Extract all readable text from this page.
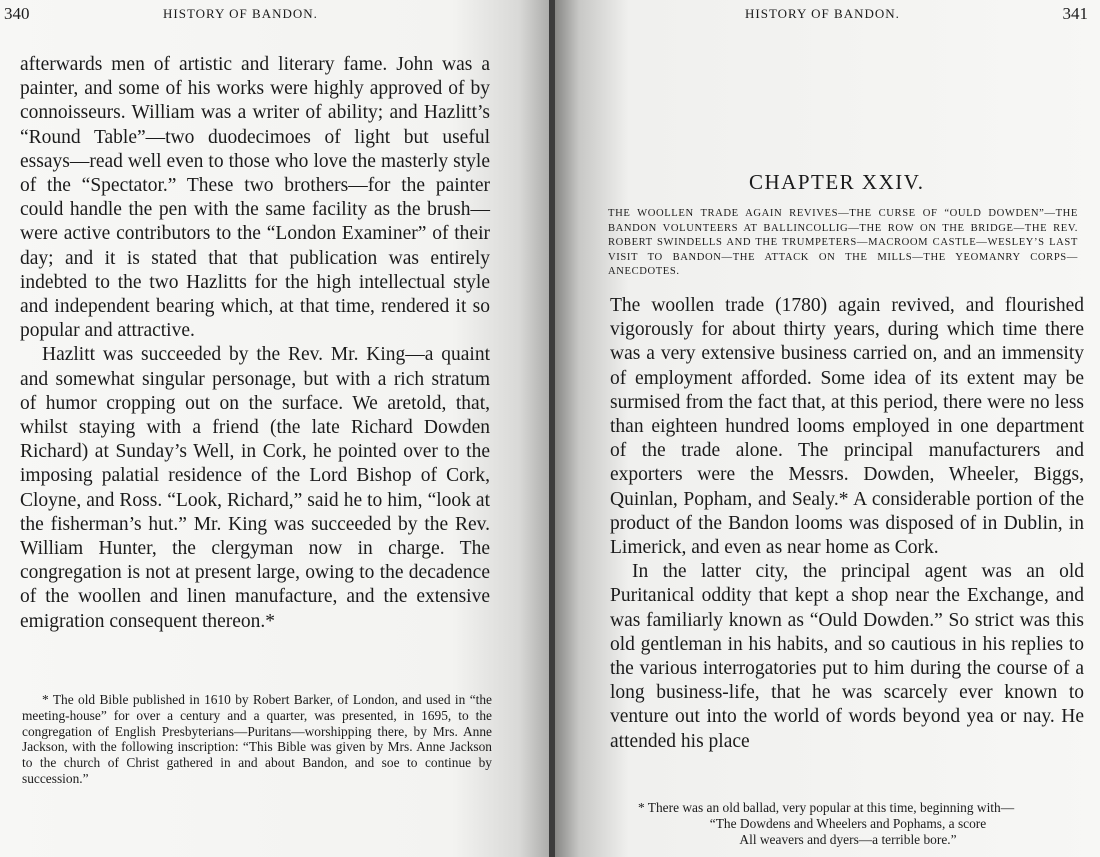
340	HISTORY OF BANDON.

afterwards men of artistic and literary fame. John was a painter, and some of his works were highly approved of by connoisseurs. William was a writer of ability; and Hazlitt’s “Round Table”—two duodecimoes of light but useful essays—read well even to those who love the masterly style of the “Spectator.” These two brothers—for the painter could handle the pen with the same facility as the brush—were active contributors to the “London Examiner” of their day; and it is stated that that publication was entirely indebted to the two Hazlitts for the high intellectual style and independent bearing which, at that time, rendered it so popular and attractive.

Hazlitt was succeeded by the Rev. Mr. King—a quaint and somewhat singular personage, but with a rich stratum of humor cropping out on the surface. We aretold, that, whilst staying with a friend (the late Richard Dowden Richard) at Sunday’s Well, in Cork, he pointed over to the imposing palatial residence of the Lord Bishop of Cork, Cloyne, and Ross. “Look, Richard,” said he to him, “look at the fisherman’s hut.” Mr. King was succeeded by the Rev. William Hunter, the clergyman now in charge. The congregation is not at present large, owing to the decadence of the woollen and linen manufacture, and the extensive emigration consequent thereon.*

* The old Bible published in 1610 by Robert Barker, of London, and used in “the meeting-house” for over a century and a quarter, was presented, in 1695, to the congregation of English Presbyterians—Puritans—worshipping there, by Mrs. Anne Jackson, with the following inscription: “This Bible was given by Mrs. Anne Jackson to the church of Christ gathered in and about Bandon, and soe to continue by succession.”

HISTORY OF BANDON.	341
CHAPTER XXIV.
THE WOOLLEN TRADE AGAIN REVIVES—THE CURSE OF “OULD DOWDEN”—THE BANDON VOLUNTEERS AT BALLINCOLLIG—THE ROW ON THE BRIDGE—THE REV. ROBERT SWINDELLS AND THE TRUMPETERS—MACROOM CASTLE—WESLEY’S LAST VISIT TO BANDON—THE ATTACK ON THE MILLS—THE YEOMANRY CORPS—ANECDOTES.

The woollen trade (1780) again revived, and flourished vigorously for about thirty years, during which time there was a very extensive business carried on, and an immensity of employment afforded. Some idea of its extent may be surmised from the fact that, at this period, there were no less than eighteen hundred looms employed in one department of the trade alone. The principal manufacturers and exporters were the Messrs. Dowden, Wheeler, Biggs, Quinlan, Popham, and Sealy.* A considerable portion of the product of the Bandon looms was disposed of in Dublin, in Limerick, and even as near home as Cork.

In the latter city, the principal agent was an old Puritanical oddity that kept a shop near the Exchange, and was familiarly known as “Ould Dowden.” So strict was this old gentleman in his habits, and so cautious in his replies to the various interrogatories put to him during the course of a long business-life, that he was scarcely ever known to venture out into the world of words beyond yea or nay. He attended his place

* There was an old ballad, very popular at this time, beginning with—
“The Dowdens and Wheelers and Pophams, a score
All weavers and dyers—a terrible bore.”
